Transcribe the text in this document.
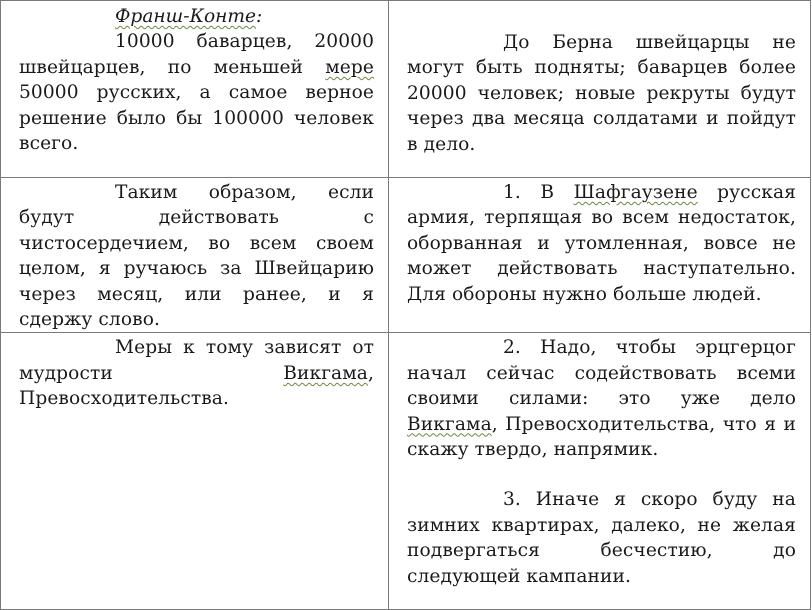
Франш-Конте:

10000 баварцев, 20000 швейцарцев, по меньшей мере 50000 русских, а самое верное решение было бы 100000 человек всего.	До Берна швейцарцы не могут быть подняты; баварцев более 20000 человек; новые рекруты будут через два месяца солдатами и пойдут в дело.

Таким образом, если будут действовать с чистосердечием, во всем своем целом, я ручаюсь за Швейцарию через месяц, или ранее, и я сдержу слово.	1. В Шафгаузене русская армия, терпящая во всем недостаток, оборванная и утомленная, вовсе не может действовать наступательно. Для обороны нужно больше людей.

Меры к тому зависят от мудрости Викгама, Превосходительства.	2. Надо, чтобы эрцгерцог начал сейчас содействовать всеми своими силами: это уже дело Викгама, Превосходительства, что я и скажу твердо, напрямик.

3. Иначе я скоро буду на зимних квартирах, далеко, не желая подвергаться бесчестию, до следующей кампании.
